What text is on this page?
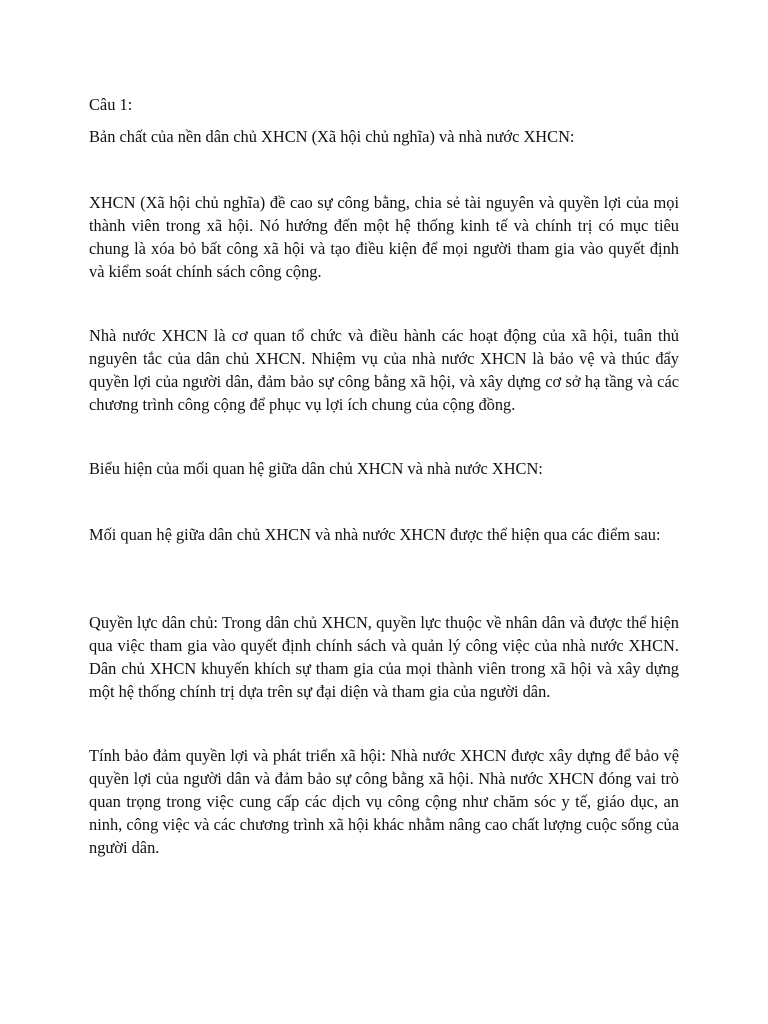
Câu 1:

Bản chất của nền dân chủ XHCN (Xã hội chủ nghĩa) và nhà nước XHCN:

XHCN (Xã hội chủ nghĩa) đề cao sự công bằng, chia sẻ tài nguyên và quyền lợi của mọi thành viên trong xã hội. Nó hướng đến một hệ thống kinh tế và chính trị có mục tiêu chung là xóa bỏ bất công xã hội và tạo điều kiện để mọi người tham gia vào quyết định và kiểm soát chính sách công cộng.

Nhà nước XHCN là cơ quan tổ chức và điều hành các hoạt động của xã hội, tuân thủ nguyên tắc của dân chủ XHCN. Nhiệm vụ của nhà nước XHCN là bảo vệ và thúc đẩy quyền lợi của người dân, đảm bảo sự công bằng xã hội, và xây dựng cơ sở hạ tầng và các chương trình công cộng để phục vụ lợi ích chung của cộng đồng.

Biểu hiện của mối quan hệ giữa dân chủ XHCN và nhà nước XHCN:

Mối quan hệ giữa dân chủ XHCN và nhà nước XHCN được thể hiện qua các điểm sau:

Quyền lực dân chủ: Trong dân chủ XHCN, quyền lực thuộc về nhân dân và được thể hiện qua việc tham gia vào quyết định chính sách và quản lý công việc của nhà nước XHCN. Dân chủ XHCN khuyến khích sự tham gia của mọi thành viên trong xã hội và xây dựng một hệ thống chính trị dựa trên sự đại diện và tham gia của người dân.

Tính bảo đảm quyền lợi và phát triển xã hội: Nhà nước XHCN được xây dựng để bảo vệ quyền lợi của người dân và đảm bảo sự công bằng xã hội. Nhà nước XHCN đóng vai trò quan trọng trong việc cung cấp các dịch vụ công cộng như chăm sóc y tế, giáo dục, an ninh, công việc và các chương trình xã hội khác nhằm nâng cao chất lượng cuộc sống của người dân.
